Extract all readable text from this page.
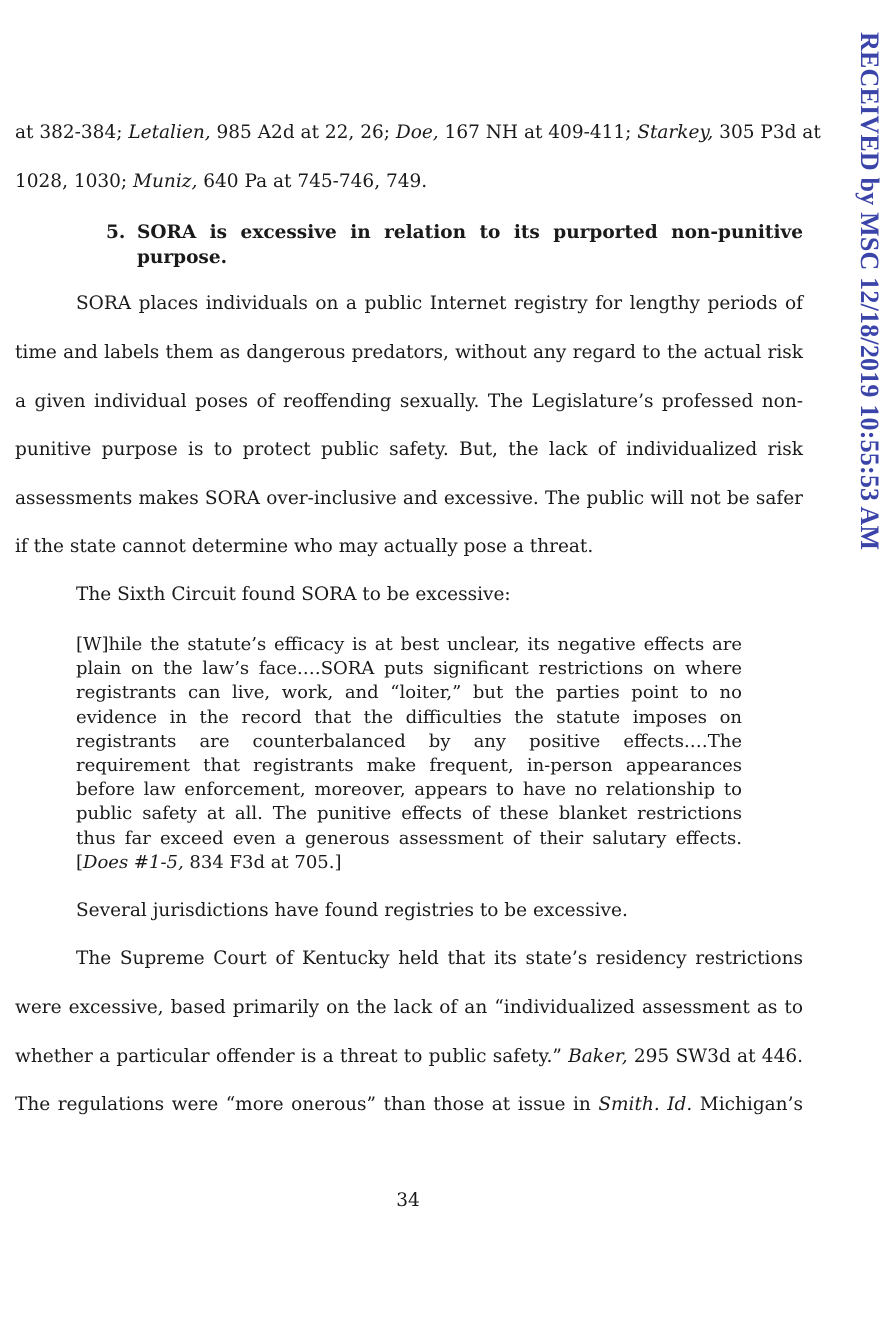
at 382-384; Letalien, 985 A2d at 22, 26; Doe, 167 NH at 409-411; Starkey, 305 P3d at
1028, 1030; Muniz, 640 Pa at 745-746, 749.
5. SORA is excessive in relation to its purported non-punitive
purpose.
SORA places individuals on a public Internet registry for lengthy periods of
time and labels them as dangerous predators, without any regard to the actual risk
a given individual poses of reoffending sexually. The Legislature’s professed non-
punitive purpose is to protect public safety. But, the lack of individualized risk
assessments makes SORA over-inclusive and excessive. The public will not be safer
if the state cannot determine who may actually pose a threat.
The Sixth Circuit found SORA to be excessive:
[W]hile the statute’s efficacy is at best unclear, its negative effects are
plain on the law’s face.…SORA puts significant restrictions on where
registrants can live, work, and “loiter,” but the parties point to no
evidence in the record that the difficulties the statute imposes on
registrants are counterbalanced by any positive effects.…The
requirement that registrants make frequent, in-person appearances
before law enforcement, moreover, appears to have no relationship to
public safety at all. The punitive effects of these blanket restrictions
thus far exceed even a generous assessment of their salutary effects.
[Does #1-5, 834 F3d at 705.]
Several jurisdictions have found registries to be excessive.
The Supreme Court of Kentucky held that its state’s residency restrictions
were excessive, based primarily on the lack of an “individualized assessment as to
whether a particular offender is a threat to public safety.” Baker, 295 SW3d at 446.
The regulations were “more onerous” than those at issue in Smith. Id. Michigan’s
34
RECEIVED by MSC 12/18/2019 10:55:53 AM
